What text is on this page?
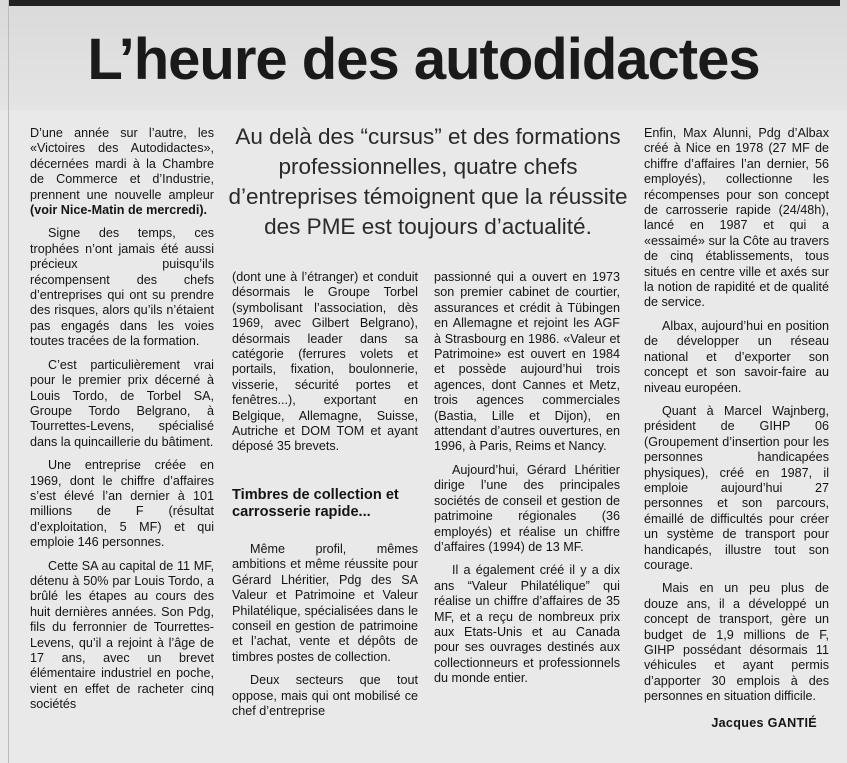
L’heure des autodidactes

D’une année sur l’autre, les «Victoires des Autodidactes», décernées mardi à la Chambre de Commerce et d’Industrie, prennent une nouvelle ampleur (voir Nice-Matin de mercredi).

Signe des temps, ces trophées n’ont jamais été aussi précieux puisqu’ils récompensent des chefs d’entreprises qui ont su prendre des risques, alors qu’ils n’étaient pas engagés dans les voies toutes tracées de la formation.

C’est particulièrement vrai pour le premier prix décerné à Louis Tordo, de Torbel SA, Groupe Tordo Belgrano, à Tourrettes-Levens, spécialisé dans la quincaillerie du bâtiment.

Une entreprise créée en 1969, dont le chiffre d’affaires s’est élevé l’an dernier à 101 millions de F (résultat d’exploitation, 5 MF) et qui emploie 146 personnes.

Cette SA au capital de 11 MF, détenu à 50% par Louis Tordo, a brûlé les étapes au cours des huit dernières années. Son Pdg, fils du ferronnier de Tourrettes-Levens, qu’il a rejoint à l’âge de 17 ans, avec un brevet élémentaire industriel en poche, vient en effet de racheter cinq sociétés

Au delà des “cursus” et des formations professionnelles, quatre chefs d’entreprises témoignent que la réussite des PME est toujours d’actualité.

(dont une à l’étranger) et conduit désormais le Groupe Torbel (symbolisant l’association, dès 1969, avec Gilbert Belgrano), désormais leader dans sa catégorie (ferrures volets et portails, fixation, boulonnerie, visserie, sécurité portes et fenêtres...), exportant en Belgique, Allemagne, Suisse, Autriche et DOM TOM et ayant déposé 35 brevets.

Timbres de collection et carrosserie rapide...

Même profil, mêmes ambitions et même réussite pour Gérard Lhéritier, Pdg des SA Valeur et Patrimoine et Valeur Philatélique, spécialisées dans le conseil en gestion de patrimoine et l’achat, vente et dépôts de timbres postes de collection.

Deux secteurs que tout oppose, mais qui ont mobilisé ce chef d’entreprise

passionné qui a ouvert en 1973 son premier cabinet de courtier, assurances et crédit à Tübingen en Allemagne et rejoint les AGF à Strasbourg en 1986. «Valeur et Patrimoine» est ouvert en 1984 et possède aujourd’hui trois agences, dont Cannes et Metz, trois agences commerciales (Bastia, Lille et Dijon), en attendant d’autres ouvertures, en 1996, à Paris, Reims et Nancy.

Aujourd’hui, Gérard Lhéritier dirige l’une des principales sociétés de conseil et gestion de patrimoine régionales (36 employés) et réalise un chiffre d’affaires (1994) de 13 MF.

Il a également créé il y a dix ans “Valeur Philatélique” qui réalise un chiffre d’affaires de 35 MF, et a reçu de nombreux prix aux Etats-Unis et au Canada pour ses ouvrages destinés aux collectionneurs et professionnels du monde entier.

Enfin, Max Alunni, Pdg d’Albax créé à Nice en 1978 (27 MF de chiffre d’affaires l’an dernier, 56 employés), collectionne les récompenses pour son concept de carrosserie rapide (24/48h), lancé en 1987 et qui a «essaimé» sur la Côte au travers de cinq établissements, tous situés en centre ville et axés sur la notion de rapidité et de qualité de service.

Albax, aujourd’hui en position de développer un réseau national et d’exporter son concept et son savoir-faire au niveau européen.

Quant à Marcel Wajnberg, président de GIHP 06 (Groupement d’insertion pour les personnes handicapées physiques), créé en 1987, il emploie aujourd’hui 27 personnes et son parcours, émaillé de difficultés pour créer un système de transport pour handicapés, illustre tout son courage.

Mais en un peu plus de douze ans, il a développé un concept de transport, gère un budget de 1,9 millions de F, GIHP possédant désormais 11 véhicules et ayant permis d’apporter 30 emplois à des personnes en situation difficile.

Jacques GANTIÉ
